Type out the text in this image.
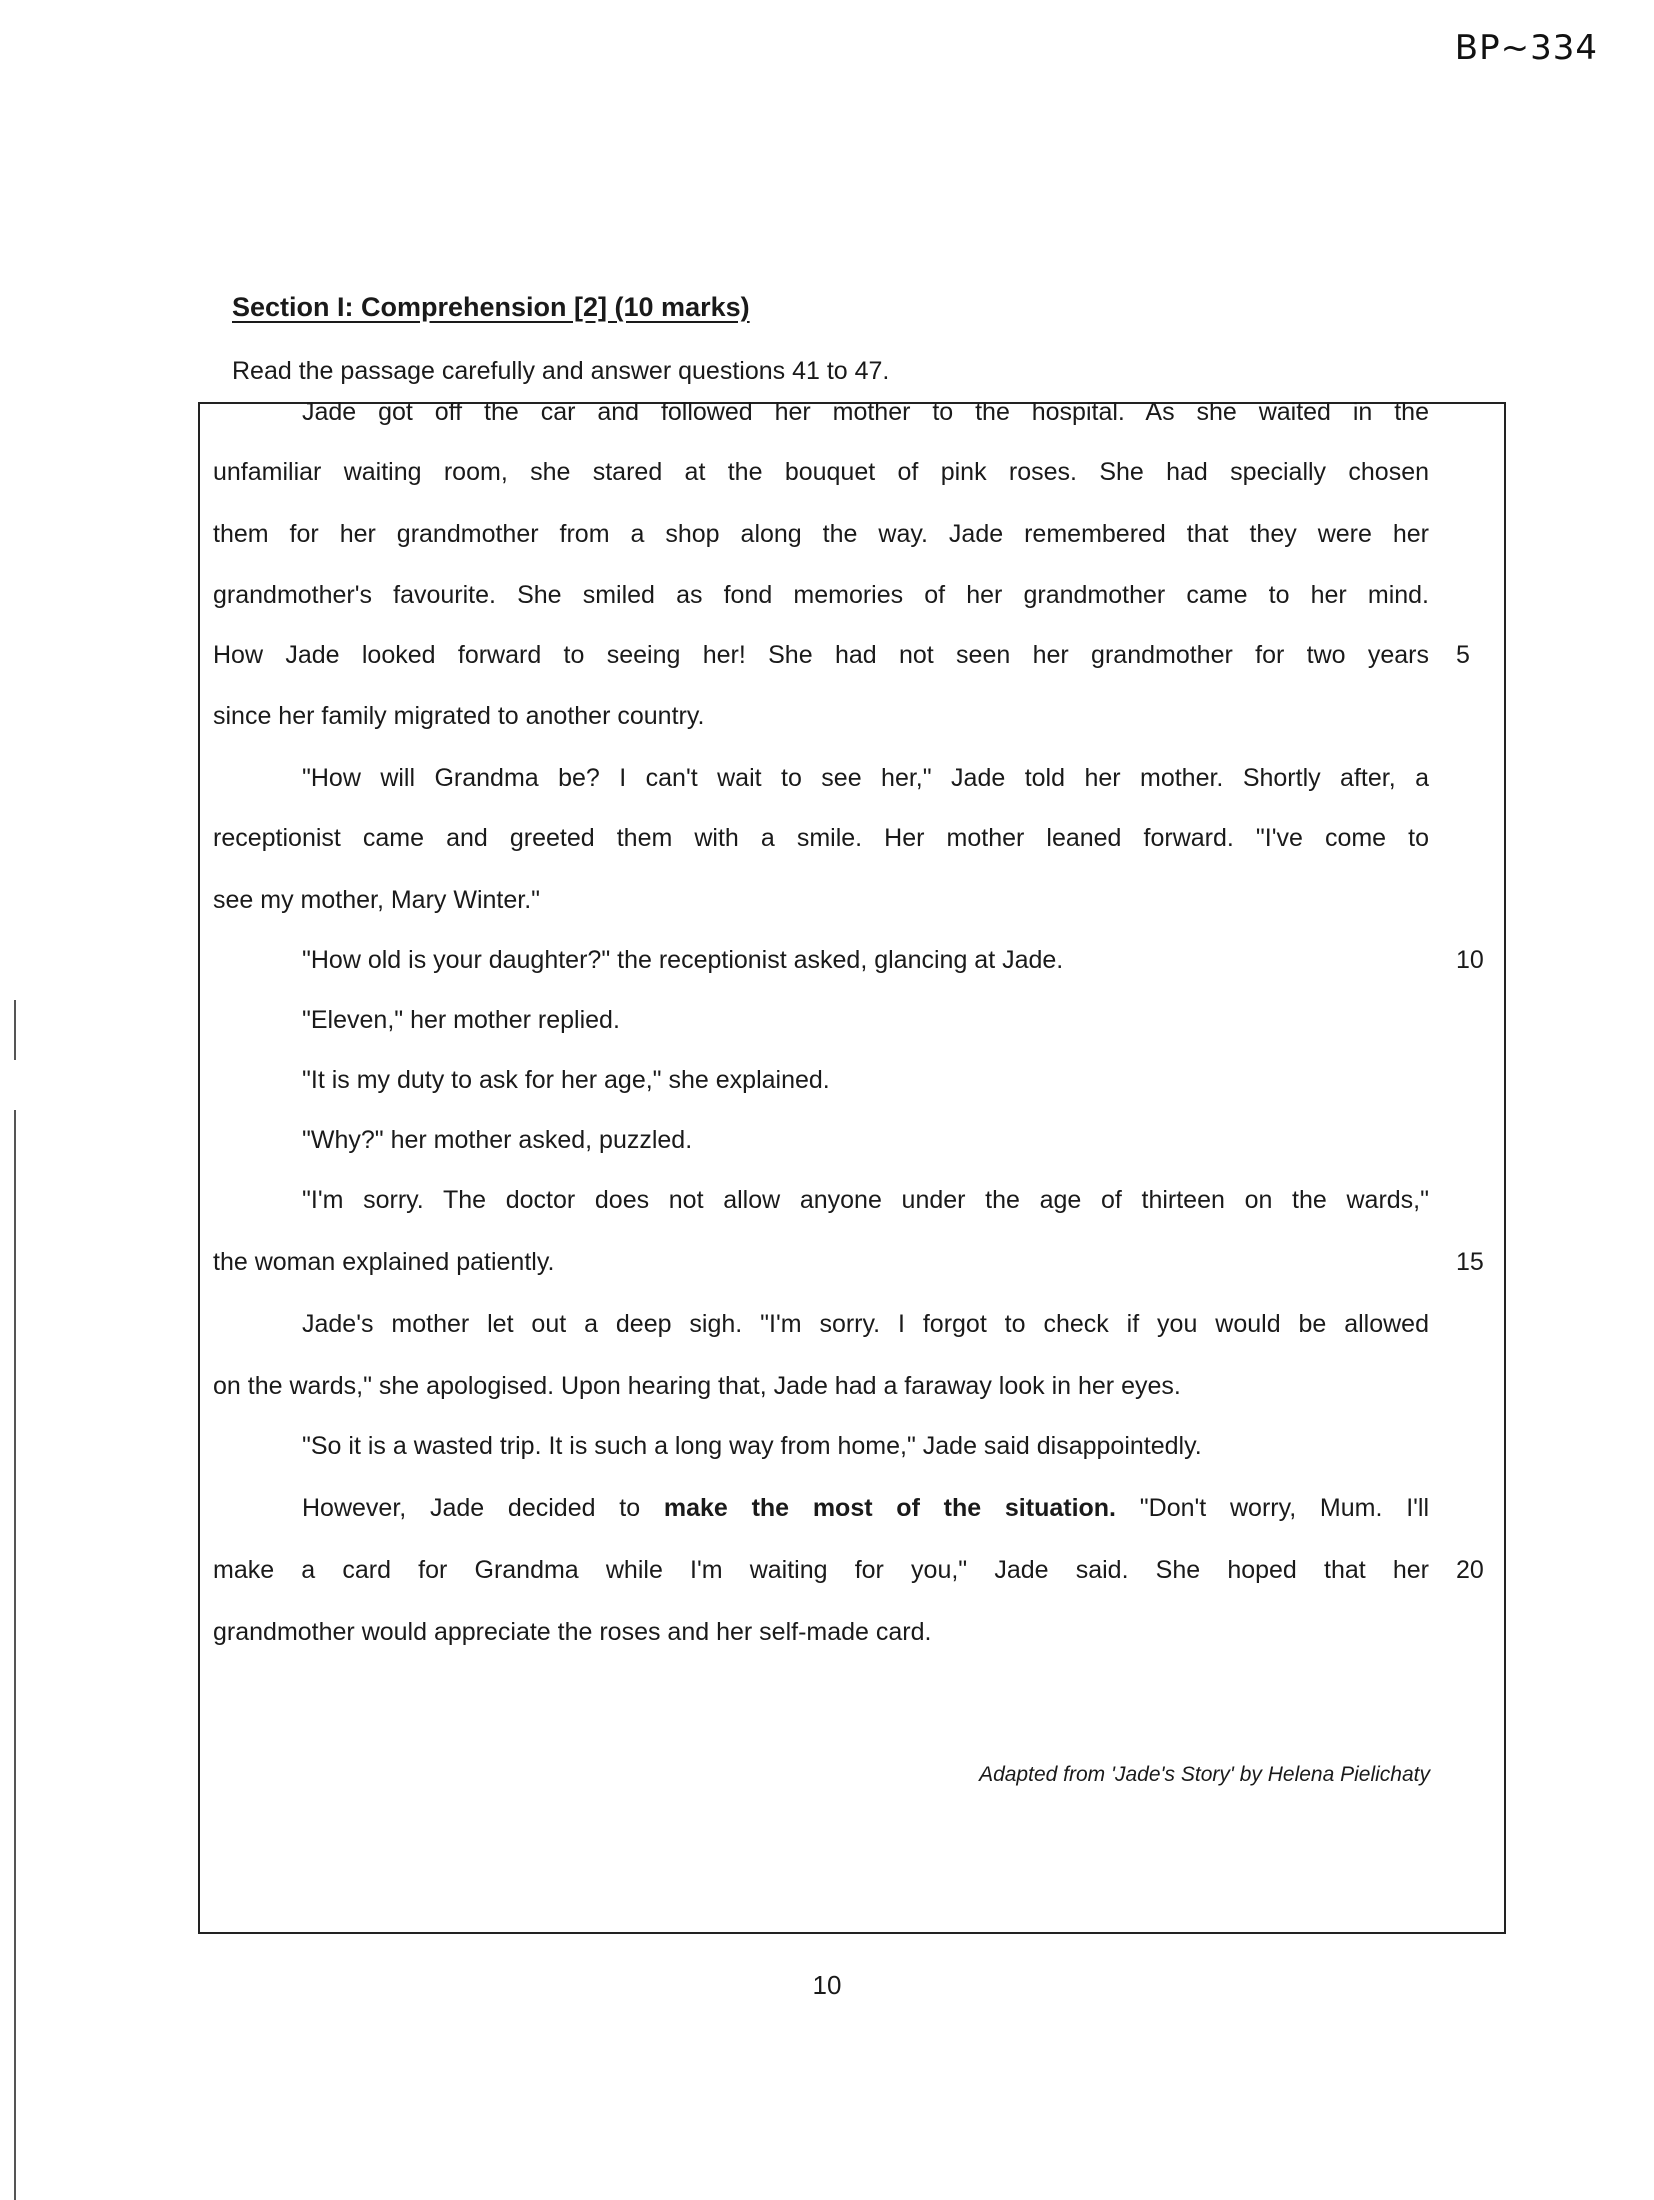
BP~334
Section I: Comprehension [2] (10 marks)
Read the passage carefully and answer questions 41 to 47.
Jade got off the car and followed her mother to the hospital. As she waited in the
unfamiliar waiting room, she stared at the bouquet of pink roses. She had specially chosen
them for her grandmother from a shop along the way. Jade remembered that they were her
grandmother's favourite. She smiled as fond memories of her grandmother came to her mind.
How Jade looked forward to seeing her! She had not seen her grandmother for two years 5
since her family migrated to another country.
"How will Grandma be? I can't wait to see her," Jade told her mother. Shortly after, a
receptionist came and greeted them with a smile. Her mother leaned forward. "I've come to
see my mother, Mary Winter."
"How old is your daughter?" the receptionist asked, glancing at Jade.	10
"Eleven," her mother replied.
"It is my duty to ask for her age," she explained.
"Why?" her mother asked, puzzled.
"I'm sorry. The doctor does not allow anyone under the age of thirteen on the wards,"
the woman explained patiently.	15
Jade's mother let out a deep sigh. "I'm sorry. I forgot to check if you would be allowed
on the wards," she apologised. Upon hearing that, Jade had a faraway look in her eyes.
"So it is a wasted trip. It is such a long way from home," Jade said disappointedly.
However, Jade decided to make the most of the situation. "Don't worry, Mum. I'll
make a card for Grandma while I'm waiting for you," Jade said. She hoped that her 20
grandmother would appreciate the roses and her self-made card.
Adapted from 'Jade's Story' by Helena Pielichaty
10
